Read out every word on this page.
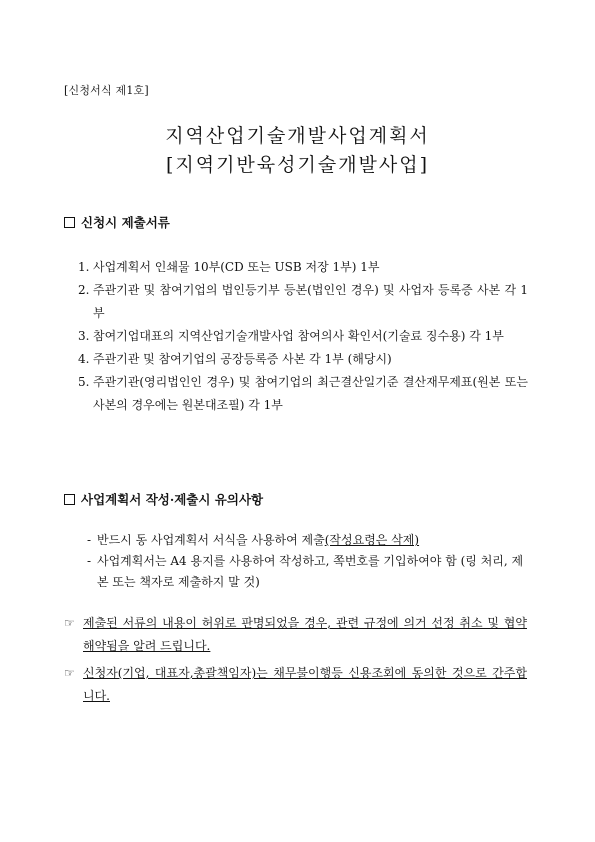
[신청서식 제1호]
지역산업기술개발사업계획서
[지역기반육성기술개발사업]
신청시 제출서류
1. 사업계획서 인쇄물 10부(CD 또는 USB 저장 1부) 1부
2. 주관기관 및 참여기업의 법인등기부 등본(법인인 경우) 및 사업자 등록증 사본 각 1부
3. 참여기업대표의 지역산업기술개발사업 참여의사 확인서(기술료 징수용) 각 1부
4. 주관기관 및 참여기업의 공장등록증 사본 각 1부 (해당시)
5. 주관기관(영리법인인 경우) 및 참여기업의 최근결산일기준 결산재무제표(원본 또는 사본의 경우에는 원본대조필) 각 1부
사업계획서 작성·제출시 유의사항
- 반드시 동 사업계획서 서식을 사용하여 제출(작성요령은 삭제)
- 사업계획서는 A4 용지를 사용하여 작성하고, 쪽번호를 기입하여야 함 (링 처리, 제본 또는 책자로 제출하지 말 것)
☞ 제출된 서류의 내용이 허위로 판명되었을 경우, 관련 규정에 의거 선정 취소 및 협약 해약됨을 알려 드립니다.
☞ 신청자(기업, 대표자,총괄책임자)는 채무불이행등 신용조회에 동의한 것으로 간주합니다.
